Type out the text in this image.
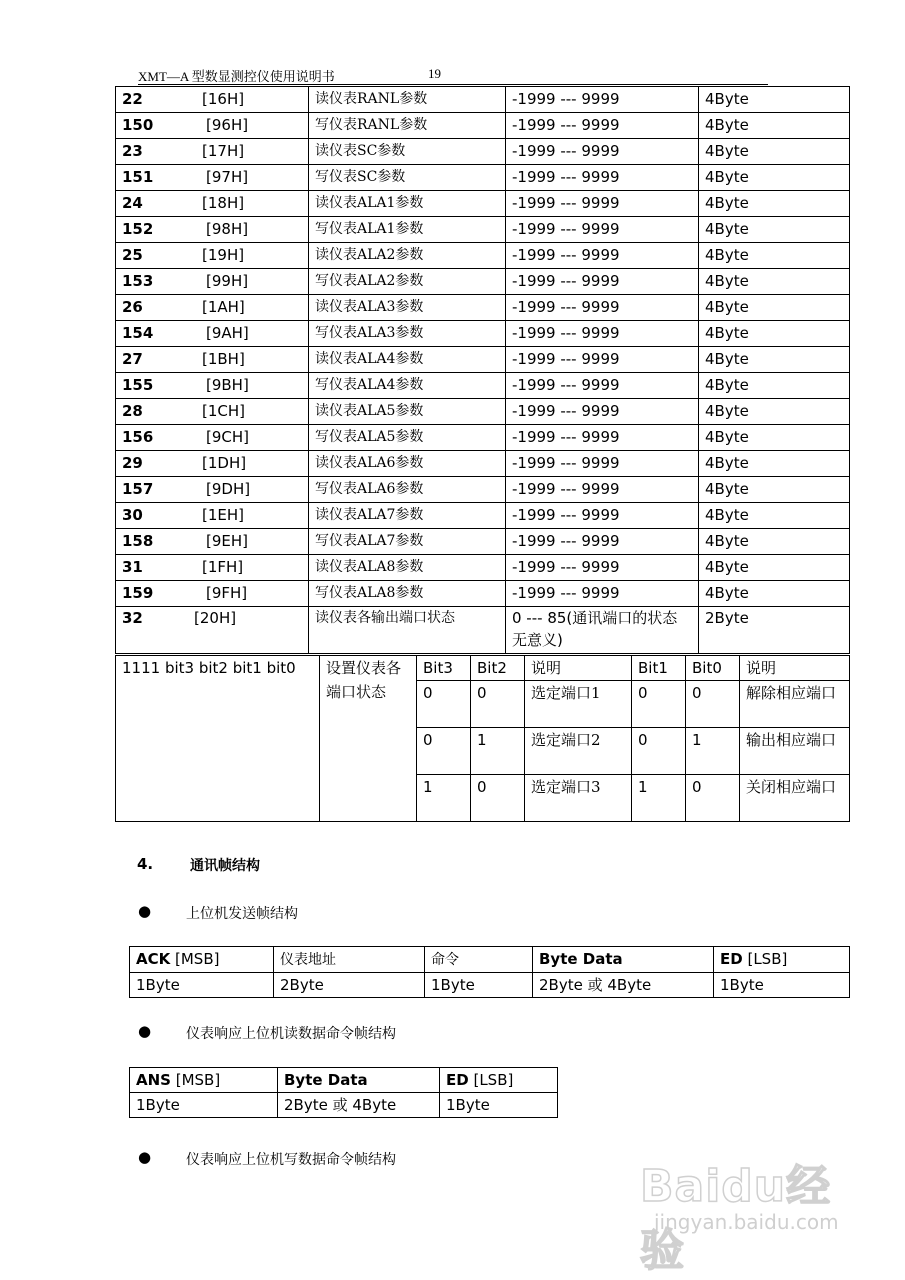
XMT—A 型数显测控仪使用说明书	19
22 [16H]	读仪表RANL参数	-1999 --- 9999	4Byte
150 [96H]	写仪表RANL参数	-1999 --- 9999	4Byte
23 [17H]	读仪表SC参数	-1999 --- 9999	4Byte
151 [97H]	写仪表SC参数	-1999 --- 9999	4Byte
24 [18H]	读仪表ALA1参数	-1999 --- 9999	4Byte
152 [98H]	写仪表ALA1参数	-1999 --- 9999	4Byte
25 [19H]	读仪表ALA2参数	-1999 --- 9999	4Byte
153 [99H]	写仪表ALA2参数	-1999 --- 9999	4Byte
26 [1AH]	读仪表ALA3参数	-1999 --- 9999	4Byte
154 [9AH]	写仪表ALA3参数	-1999 --- 9999	4Byte
27 [1BH]	读仪表ALA4参数	-1999 --- 9999	4Byte
155 [9BH]	写仪表ALA4参数	-1999 --- 9999	4Byte
28 [1CH]	读仪表ALA5参数	-1999 --- 9999	4Byte
156 [9CH]	写仪表ALA5参数	-1999 --- 9999	4Byte
29 [1DH]	读仪表ALA6参数	-1999 --- 9999	4Byte
157 [9DH]	写仪表ALA6参数	-1999 --- 9999	4Byte
30 [1EH]	读仪表ALA7参数	-1999 --- 9999	4Byte
158 [9EH]	写仪表ALA7参数	-1999 --- 9999	4Byte
31 [1FH]	读仪表ALA8参数	-1999 --- 9999	4Byte
159 [9FH]	写仪表ALA8参数	-1999 --- 9999	4Byte
32 [20H]	读仪表各输出端口状态	0 --- 85(通讯端口的状态无意义)	2Byte
1111 bit3 bit2 bit1 bit0	设置仪表各端口状态	Bit3	Bit2	说明	Bit1	Bit0	说明
		0	0	选定端口1	0	0	解除相应端口
		0	1	选定端口2	0	1	输出相应端口
		1	0	选定端口3	1	0	关闭相应端口
4.	通讯帧结构
● 上位机发送帧结构
ACK [MSB]	仪表地址	命令	Byte Data	ED [LSB]
1Byte	2Byte	1Byte	2Byte 或 4Byte	1Byte
● 仪表响应上位机读数据命令帧结构
ANS [MSB]	Byte Data	ED [LSB]
1Byte	2Byte 或 4Byte	1Byte
● 仪表响应上位机写数据命令帧结构
Baidu经验
jingyan.baidu.com
